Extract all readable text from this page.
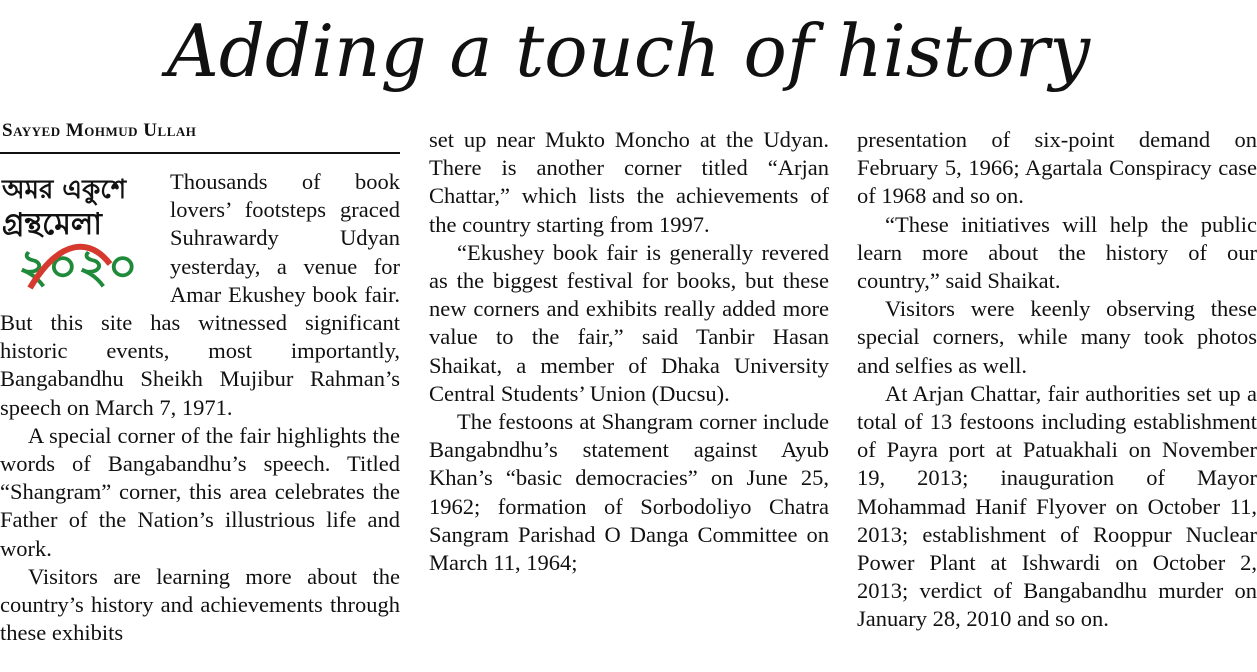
Adding a touch of history
Sayyed Mohmud Ullah
অমর একুশে
গ্রন্থমেলা
২০২০

Thousands of book lovers’ footsteps graced Suhrawardy Udyan yesterday, a venue for Amar Ekushey book fair. But this site has witnessed significant historic events, most importantly, Bangabandhu Sheikh Mujibur Rahman’s speech on March 7, 1971.

A special corner of the fair highlights the words of Bangabandhu’s speech. Titled “Shangram” corner, this area celebrates the Father of the Nation’s illustrious life and work.

Visitors are learning more about the country’s history and achievements through these exhibits

set up near Mukto Moncho at the Udyan. There is another corner titled “Arjan Chattar,” which lists the achievements of the country starting from 1997.

“Ekushey book fair is generally revered as the biggest festival for books, but these new corners and exhibits really added more value to the fair,” said Tanbir Hasan Shaikat, a member of Dhaka University Central Students’ Union (Ducsu).

The festoons at Shangram corner include Bangabndhu’s statement against Ayub Khan’s “basic democracies” on June 25, 1962; formation of Sorbodoliyo Chatra Sangram Parishad O Danga Committee on March 11, 1964;

presentation of six-point demand on February 5, 1966; Agartala Conspiracy case of 1968 and so on.

“These initiatives will help the public learn more about the history of our country,” said Shaikat.

Visitors were keenly observing these special corners, while many took photos and selfies as well.

At Arjan Chattar, fair authorities set up a total of 13 festoons including establishment of Payra port at Patuakhali on November 19, 2013; inauguration of Mayor Mohammad Hanif Flyover on October 11, 2013; establishment of Rooppur Nuclear Power Plant at Ishwardi on October 2, 2013; verdict of Bangabandhu murder on January 28, 2010 and so on.
